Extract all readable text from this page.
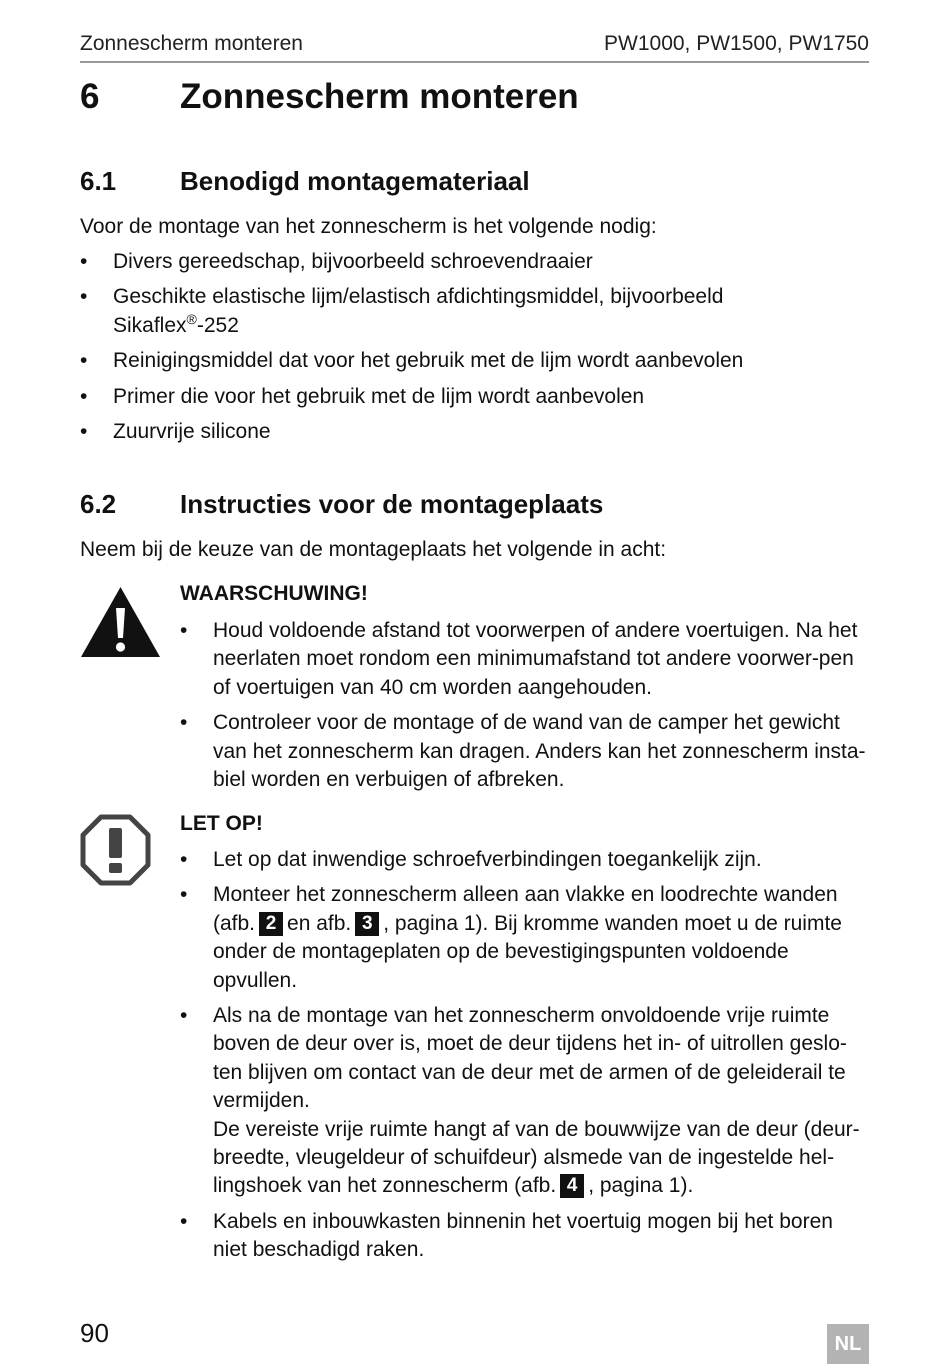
Zonnescherm monteren	PW1000, PW1500, PW1750
6 Zonnescherm monteren
6.1 Benodigd montagemateriaal
Voor de montage van het zonnescherm is het volgende nodig:
• Divers gereedschap, bijvoorbeeld schroevendraaier
• Geschikte elastische lijm/elastisch afdichtingsmiddel, bijvoorbeeld
Sikaflex®-252
• Reinigingsmiddel dat voor het gebruik met de lijm wordt aanbevolen
• Primer die voor het gebruik met de lijm wordt aanbevolen
• Zuurvrije silicone
6.2 Instructies voor de montageplaats
Neem bij de keuze van de montageplaats het volgende in acht:
WAARSCHUWING!
• Houd voldoende afstand tot voorwerpen of andere voertuigen. Na het neerlaten moet rondom een minimumafstand tot andere voorwer-pen of voertuigen van 40 cm worden aangehouden.
• Controleer voor de montage of de wand van de camper het gewicht van het zonnescherm kan dragen. Anders kan het zonnescherm insta-biel worden en verbuigen of afbreken.
LET OP!
• Let op dat inwendige schroefverbindingen toegankelijk zijn.
• Monteer het zonnescherm alleen aan vlakke en loodrechte wanden (afb. 2 en afb. 3 , pagina 1). Bij kromme wanden moet u de ruimte onder de montageplaten op de bevestigingspunten voldoende opvullen.
• Als na de montage van het zonnescherm onvoldoende vrije ruimte boven de deur over is, moet de deur tijdens het in- of uitrollen geslo-ten blijven om contact van de deur met de armen of de geleiderail te vermijden.
De vereiste vrije ruimte hangt af van de bouwwijze van de deur (deur-breedte, vleugeldeur of schuifdeur) alsmede van de ingestelde hel-lingshoek van het zonnescherm (afb. 4 , pagina 1).
• Kabels en inbouwkasten binnenin het voertuig mogen bij het boren niet beschadigd raken.
90	NL
